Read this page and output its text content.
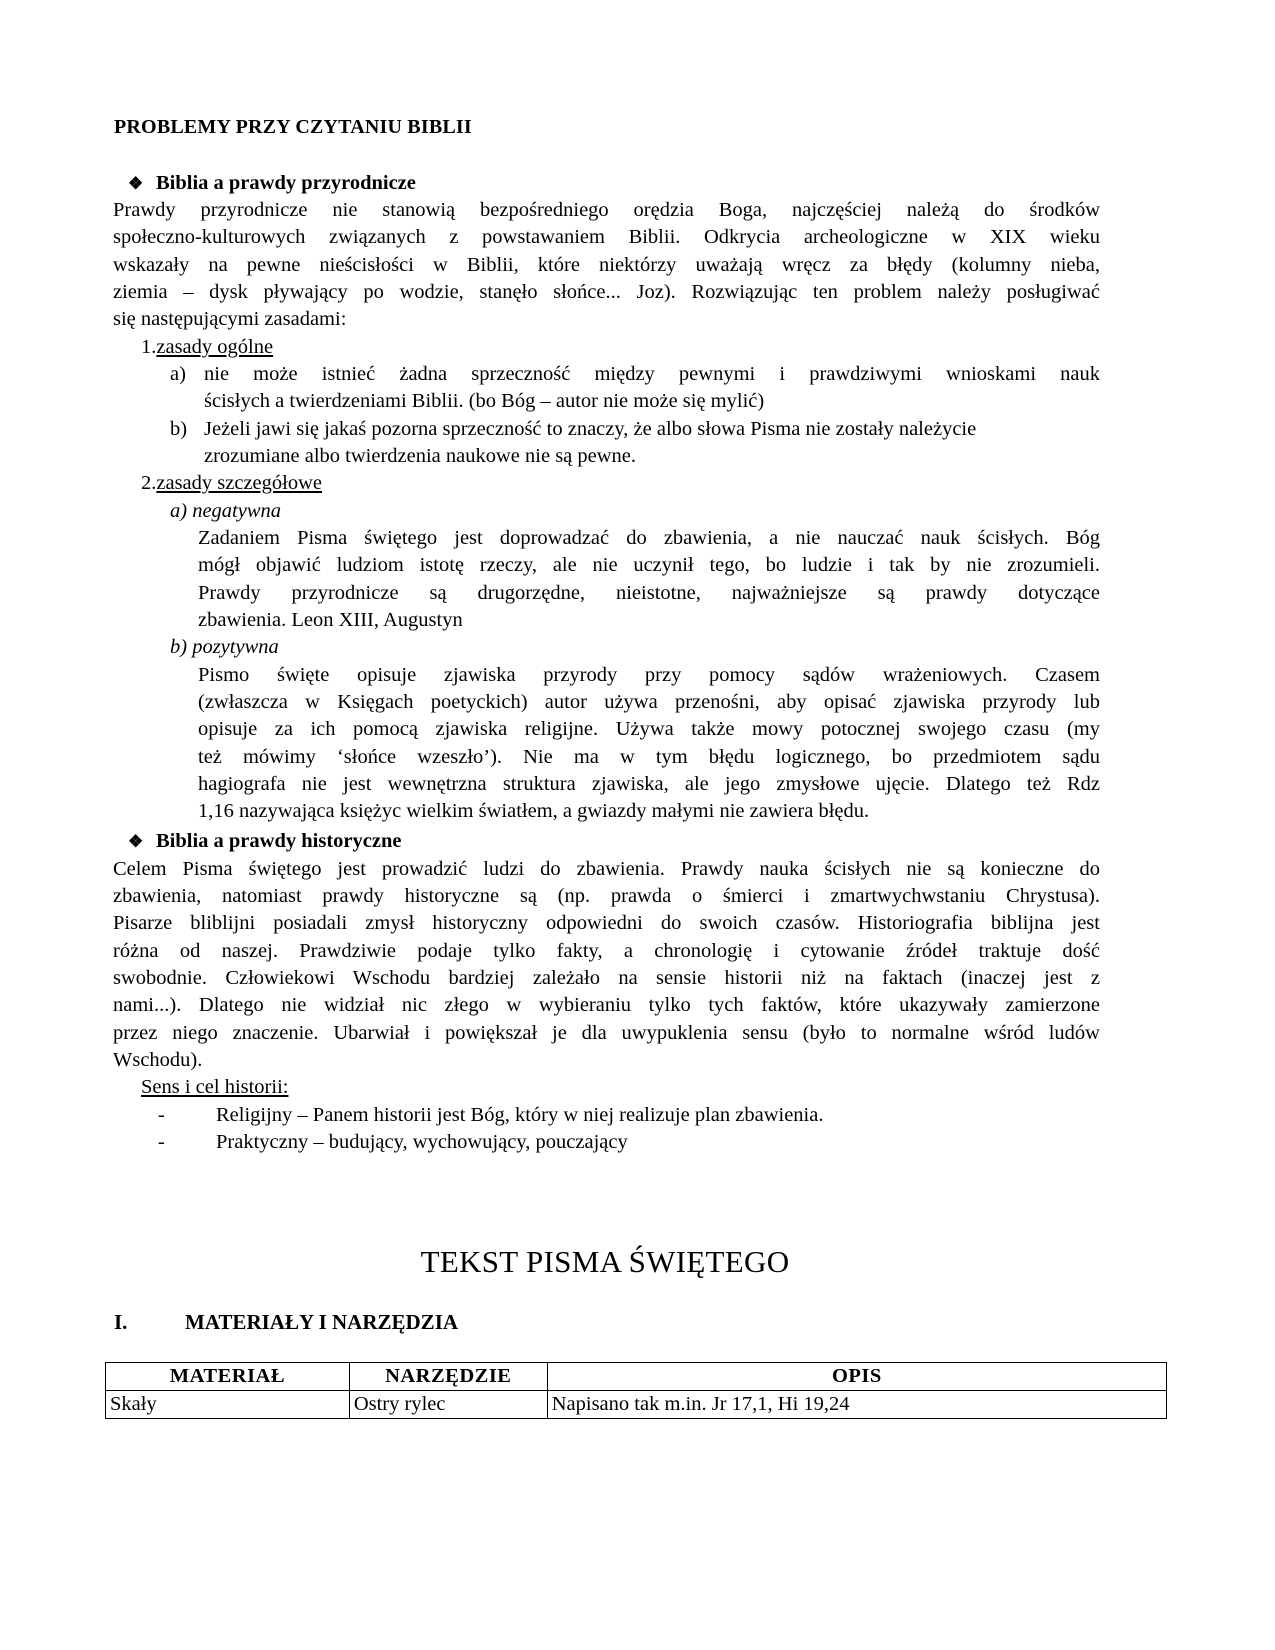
PROBLEMY PRZY CZYTANIU BIBLII
❖ Biblia a prawdy przyrodnicze
Prawdy przyrodnicze nie stanowią bezpośredniego orędzia Boga, najczęściej należą do środków
społeczno-kulturowych związanych z powstawaniem Biblii. Odkrycia archeologiczne w XIX wieku
wskazały na pewne nieścisłości w Biblii, które niektórzy uważają wręcz za błędy (kolumny nieba,
ziemia – dysk pływający po wodzie, stanęło słońce... Joz). Rozwiązując ten problem należy posługiwać
się następującymi zasadami:
1.zasady ogólne
a) nie może istnieć żadna sprzeczność między pewnymi i prawdziwymi wnioskami nauk
ścisłych a twierdzeniami Biblii. (bo Bóg – autor nie może się mylić)
b) Jeżeli jawi się jakaś pozorna sprzeczność to znaczy, że albo słowa Pisma nie zostały należycie
zrozumiane albo twierdzenia naukowe nie są pewne.
2.zasady szczegółowe
a) negatywna
Zadaniem Pisma świętego jest doprowadzać do zbawienia, a nie nauczać nauk ścisłych. Bóg
mógł objawić ludziom istotę rzeczy, ale nie uczynił tego, bo ludzie i tak by nie zrozumieli.
Prawdy przyrodnicze są drugorzędne, nieistotne, najważniejsze są prawdy dotyczące
zbawienia. Leon XIII, Augustyn
b) pozytywna
Pismo święte opisuje zjawiska przyrody przy pomocy sądów wrażeniowych. Czasem
(zwłaszcza w Księgach poetyckich) autor używa przenośni, aby opisać zjawiska przyrody lub
opisuje za ich pomocą zjawiska religijne. Używa także mowy potocznej swojego czasu (my
też mówimy ‘słońce wzeszło’). Nie ma w tym błędu logicznego, bo przedmiotem sądu
hagiografa nie jest wewnętrzna struktura zjawiska, ale jego zmysłowe ujęcie. Dlatego też Rdz
1,16 nazywająca księżyc wielkim światłem, a gwiazdy małymi nie zawiera błędu.
❖ Biblia a prawdy historyczne
Celem Pisma świętego jest prowadzić ludzi do zbawienia. Prawdy nauka ścisłych nie są konieczne do
zbawienia, natomiast prawdy historyczne są (np. prawda o śmierci i zmartwychwstaniu Chrystusa).
Pisarze bliblijni posiadali zmysł historyczny odpowiedni do swoich czasów. Historiografia biblijna jest
różna od naszej. Prawdziwie podaje tylko fakty, a chronologię i cytowanie źródeł traktuje dość
swobodnie. Człowiekowi Wschodu bardziej zależało na sensie historii niż na faktach (inaczej jest z
nami...). Dlatego nie widział nic złego w wybieraniu tylko tych faktów, które ukazywały zamierzone
przez niego znaczenie. Ubarwiał i powiększał je dla uwypuklenia sensu (było to normalne wśród ludów
Wschodu).
Sens i cel historii:
- Religijny – Panem historii jest Bóg, który w niej realizuje plan zbawienia.
- Praktyczny – budujący, wychowujący, pouczający
TEKST PISMA ŚWIĘTEGO
I.	MATERIAŁY I NARZĘDZIA
MATERIAŁ	NARZĘDZIE	OPIS
Skały	Ostry rylec	Napisano tak m.in. Jr 17,1, Hi 19,24
